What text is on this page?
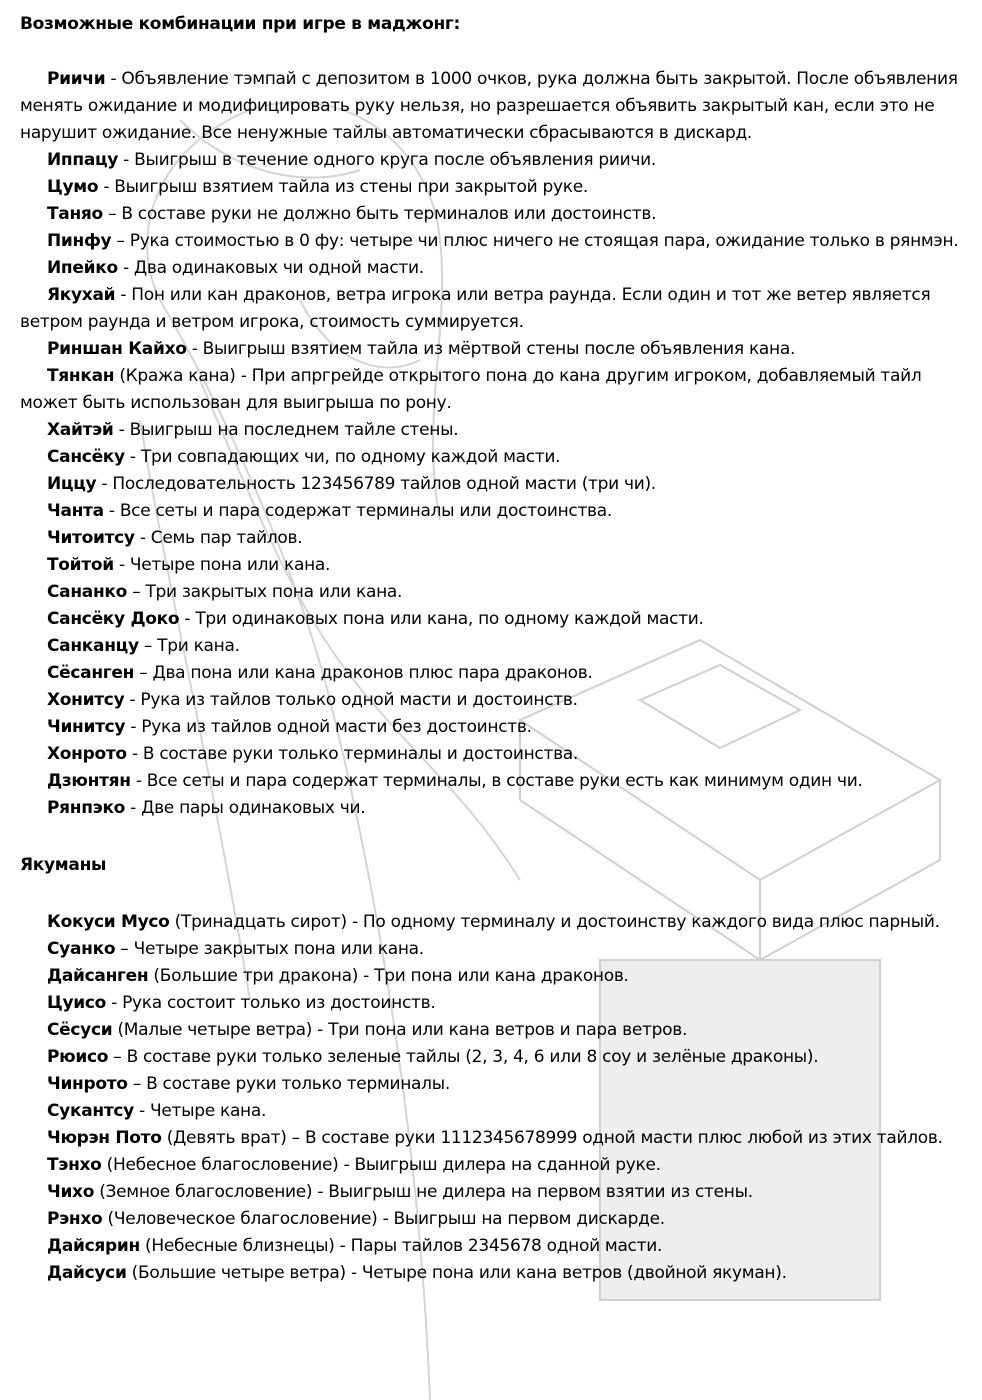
Возможные комбинации при игре в маджонг:

Риичи - Объявление тэмпай с депозитом в 1000 очков, рука должна быть закрытой. После объявления менять ожидание и модифицировать руку нельзя, но разрешается объявить закрытый кан, если это не нарушит ожидание. Все ненужные тайлы автоматически сбрасываются в дискард.

Иппацу - Выигрыш в течение одного круга после объявления риичи.

Цумо - Выигрыш взятием тайла из стены при закрытой руке.

Таняо – В составе руки не должно быть терминалов или достоинств.

Пинфу – Рука стоимостью в 0 фу: четыре чи плюс ничего не стоящая пара, ожидание только в рянмэн.

Ипейко - Два одинаковых чи одной масти.

Якухай - Пон или кан драконов, ветра игрока или ветра раунда. Если один и тот же ветер является ветром раунда и ветром игрока, стоимость суммируется.

Риншан Кайхо - Выигрыш взятием тайла из мёртвой стены после объявления кана.

Тянкан (Кража кана) - При апргрейде открытого пона до кана другим игроком, добавляемый тайл может быть использован для выигрыша по рону.

Хайтэй - Выигрыш на последнем тайле стены.

Сансёку - Три совпадающих чи, по одному каждой масти.

Иццу - Последовательность 123456789 тайлов одной масти (три чи).

Чанта - Все сеты и пара содержат терминалы или достоинства.

Читоитсу - Семь пар тайлов.

Тойтой - Четыре пона или кана.

Сананко – Три закрытых пона или кана.

Сансёку Доко - Три одинаковых пона или кана, по одному каждой масти.

Санканцу – Три кана.

Сёсанген – Два пона или кана драконов плюс пара драконов.

Хонитсу - Рука из тайлов только одной масти и достоинств.

Чинитсу - Рука из тайлов одной масти без достоинств.

Хонрото - В составе руки только терминалы и достоинства.

Дзюнтян - Все сеты и пара содержат терминалы, в составе руки есть как минимум один чи.

Рянпэко - Две пары одинаковых чи.

Якуманы

Кокуси Мусо (Тринадцать сирот) - По одному терминалу и достоинству каждого вида плюс парный.

Суанко – Четыре закрытых пона или кана.

Дайсанген (Большие три дракона) - Три пона или кана драконов.

Цуисо - Рука состоит только из достоинств.

Сёсуси (Малые четыре ветра) - Три пона или кана ветров и пара ветров.

Рюисо – В составе руки только зеленые тайлы (2, 3, 4, 6 или 8 соу и зелёные драконы).

Чинрото – В составе руки только терминалы.

Сукантсу - Четыре кана.

Чюрэн Пото (Девять врат) – В составе руки 1112345678999 одной масти плюс любой из этих тайлов.

Тэнхо (Небесное благословение) - Выигрыш дилера на сданной руке.

Чихо (Земное благословение) - Выигрыш не дилера на первом взятии из стены.

Рэнхо (Человеческое благословение) - Выигрыш на первом дискарде.

Дайсярин (Небесные близнецы) - Пары тайлов 2345678 одной масти.

Дайсуси (Большие четыре ветра) - Четыре пона или кана ветров (двойной якуман).
